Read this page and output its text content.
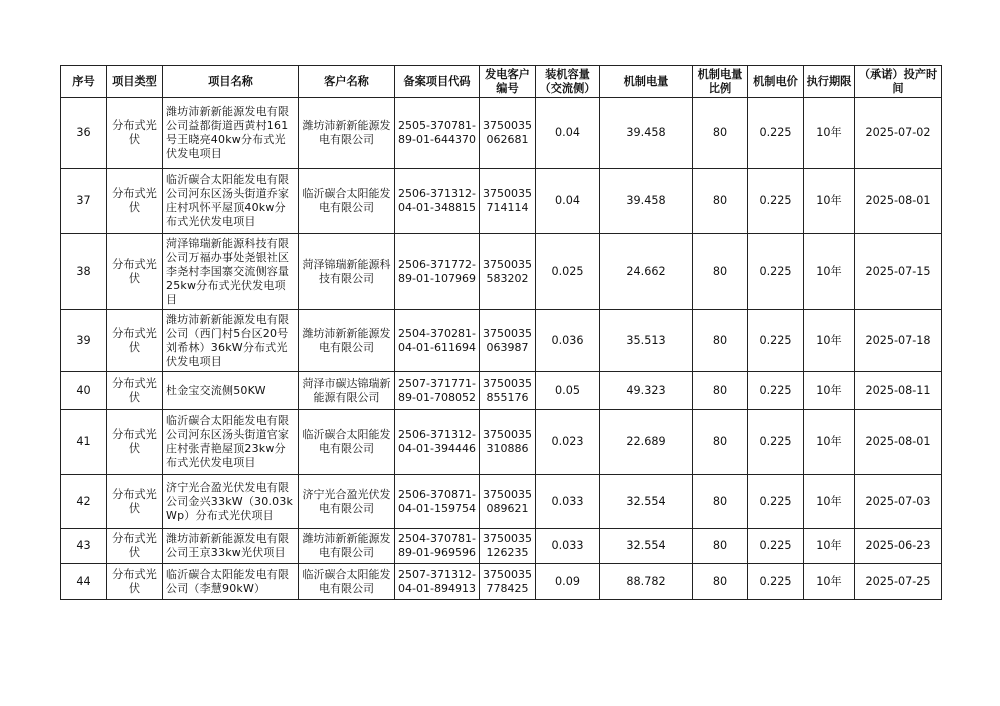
序号	项目类型	项目名称	客户名称	备案项目代码	发电客户编号	装机容量（交流侧）	机制电量	机制电量比例	机制电价	执行期限	（承诺）投产时间
36	分布式光伏	潍坊沛新新能源发电有限公司益都街道西黄村161号王晓亮40kw分布式光伏发电项目	潍坊沛新新能源发电有限公司	2505-370781-89-01-644370	3750035062681	0.04	39.458	80	0.225	10年	2025-07-02
37	分布式光伏	临沂碳合太阳能发电有限公司河东区汤头街道乔家庄村巩怀平屋顶40kw分布式光伏发电项目	临沂碳合太阳能发电有限公司	2506-371312-04-01-348815	3750035714114	0.04	39.458	80	0.225	10年	2025-08-01
38	分布式光伏	菏泽锦瑞新能源科技有限公司万福办事处尧银社区李尧村李国寨交流侧容量25kw分布式光伏发电项目	菏泽锦瑞新能源科技有限公司	2506-371772-89-01-107969	3750035583202	0.025	24.662	80	0.225	10年	2025-07-15
39	分布式光伏	潍坊沛新新能源发电有限公司（西门村5台区20号刘希林）36kW分布式光伏发电项目	潍坊沛新新能源发电有限公司	2504-370281-04-01-611694	3750035063987	0.036	35.513	80	0.225	10年	2025-07-18
40	分布式光伏	杜金宝交流侧50KW	菏泽市碳达锦瑞新能源有限公司	2507-371771-89-01-708052	3750035855176	0.05	49.323	80	0.225	10年	2025-08-11
41	分布式光伏	临沂碳合太阳能发电有限公司河东区汤头街道官家庄村张青艳屋顶23kw分布式光伏发电项目	临沂碳合太阳能发电有限公司	2506-371312-04-01-394446	3750035310886	0.023	22.689	80	0.225	10年	2025-08-01
42	分布式光伏	济宁光合盈光伏发电有限公司金兴33kW（30.03kWp）分布式光伏项目	济宁光合盈光伏发电有限公司	2506-370871-04-01-159754	3750035089621	0.033	32.554	80	0.225	10年	2025-07-03
43	分布式光伏	潍坊沛新新能源发电有限公司王京33kw光伏项目	潍坊沛新新能源发电有限公司	2504-370781-89-01-969596	3750035126235	0.033	32.554	80	0.225	10年	2025-06-23
44	分布式光伏	临沂碳合太阳能发电有限公司（李慧90kW）	临沂碳合太阳能发电有限公司	2507-371312-04-01-894913	3750035778425	0.09	88.782	80	0.225	10年	2025-07-25
